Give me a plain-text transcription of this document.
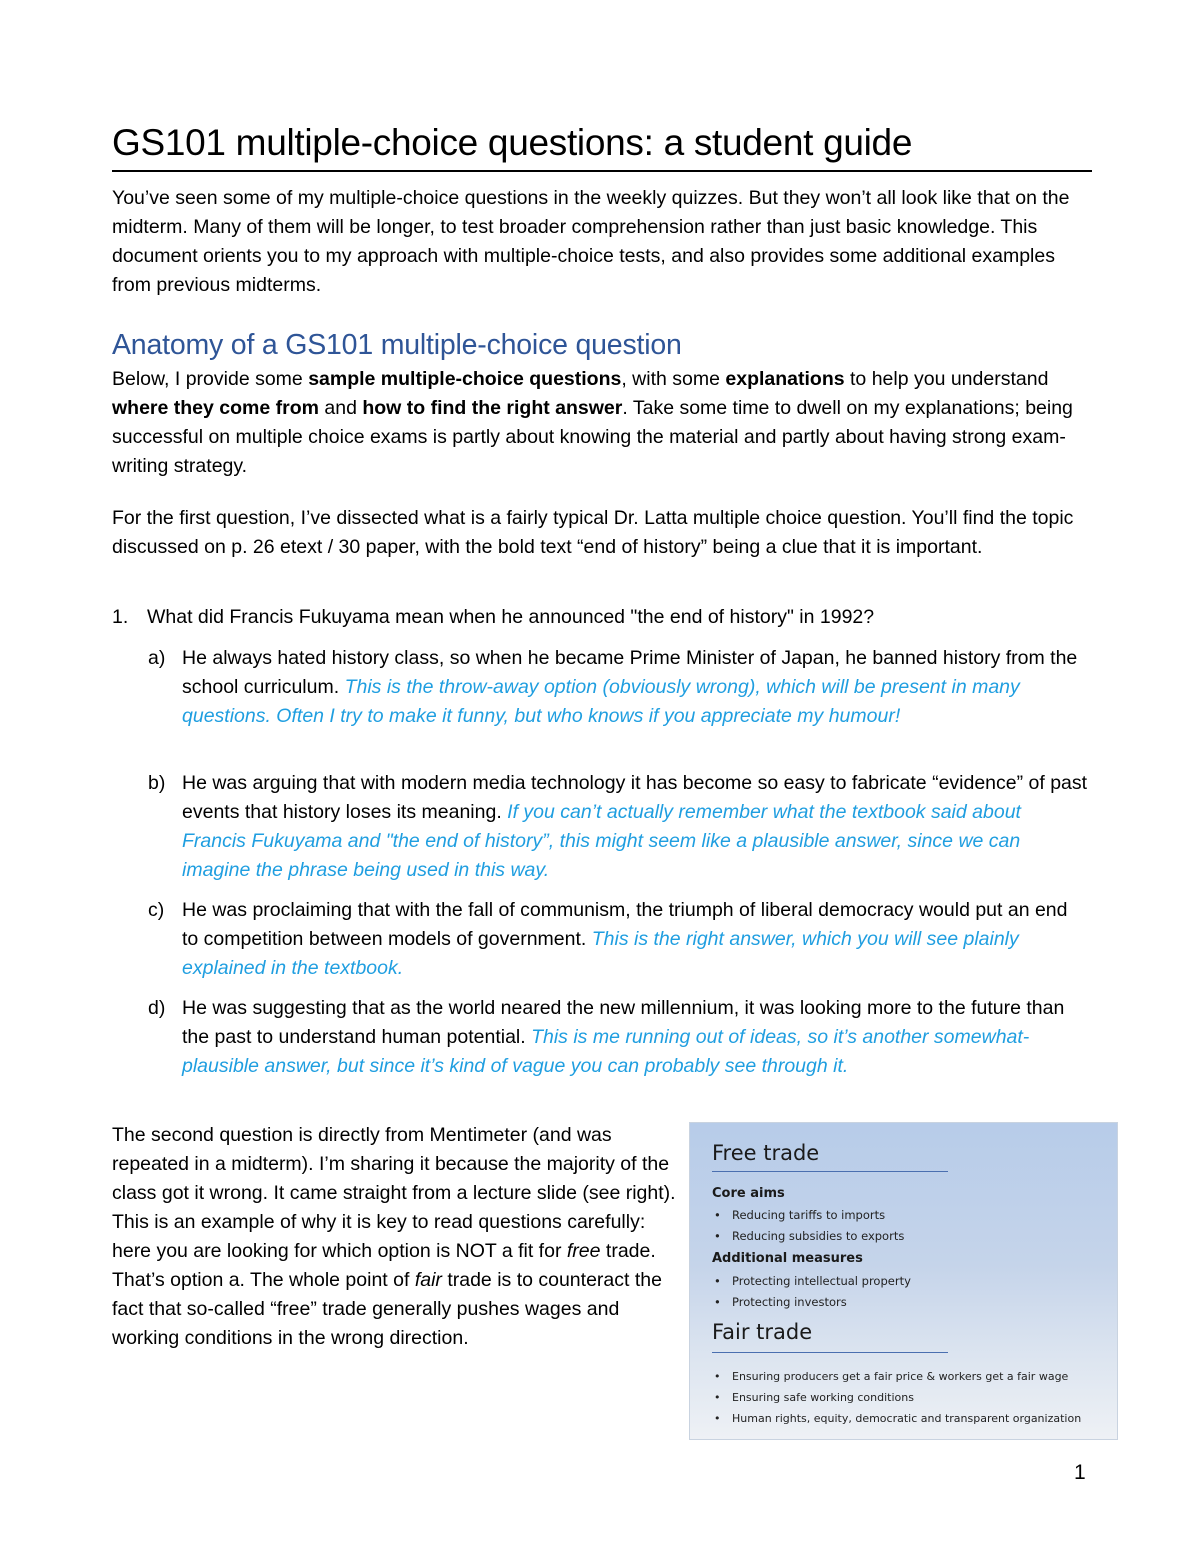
GS101 multiple-choice questions: a student guide

You’ve seen some of my multiple-choice questions in the weekly quizzes. But they won’t all look like that on the midterm. Many of them will be longer, to test broader comprehension rather than just basic knowledge. This document orients you to my approach with multiple-choice tests, and also provides some additional examples from previous midterms.

Anatomy of a GS101 multiple-choice question

Below, I provide some sample multiple-choice questions, with some explanations to help you understand where they come from and how to find the right answer. Take some time to dwell on my explanations; being successful on multiple choice exams is partly about knowing the material and partly about having strong exam-writing strategy.

For the first question, I’ve dissected what is a fairly typical Dr. Latta multiple choice question. You’ll find the topic discussed on p. 26 etext / 30 paper, with the bold text “end of history” being a clue that it is important.

1. What did Francis Fukuyama mean when he announced "the end of history" in 1992?
a) He always hated history class, so when he became Prime Minister of Japan, he banned history from the school curriculum. This is the throw-away option (obviously wrong), which will be present in many questions. Often I try to make it funny, but who knows if you appreciate my humour!
b) He was arguing that with modern media technology it has become so easy to fabricate “evidence” of past events that history loses its meaning. If you can’t actually remember what the textbook said about Francis Fukuyama and "the end of history”, this might seem like a plausible answer, since we can imagine the phrase being used in this way.
c) He was proclaiming that with the fall of communism, the triumph of liberal democracy would put an end to competition between models of government. This is the right answer, which you will see plainly explained in the textbook.
d) He was suggesting that as the world neared the new millennium, it was looking more to the future than the past to understand human potential. This is me running out of ideas, so it’s another somewhat-plausible answer, but since it’s kind of vague you can probably see through it.

The second question is directly from Mentimeter (and was repeated in a midterm). I’m sharing it because the majority of the class got it wrong. It came straight from a lecture slide (see right). This is an example of why it is key to read questions carefully: here you are looking for which option is NOT a fit for free trade. That’s option a. The whole point of fair trade is to counteract the fact that so-called “free” trade generally pushes wages and working conditions in the wrong direction.

Free trade
Core aims
• Reducing tariffs to imports
• Reducing subsidies to exports
Additional measures
• Protecting intellectual property
• Protecting investors
Fair trade
• Ensuring producers get a fair price & workers get a fair wage
• Ensuring safe working conditions
• Human rights, equity, democratic and transparent organization
1
